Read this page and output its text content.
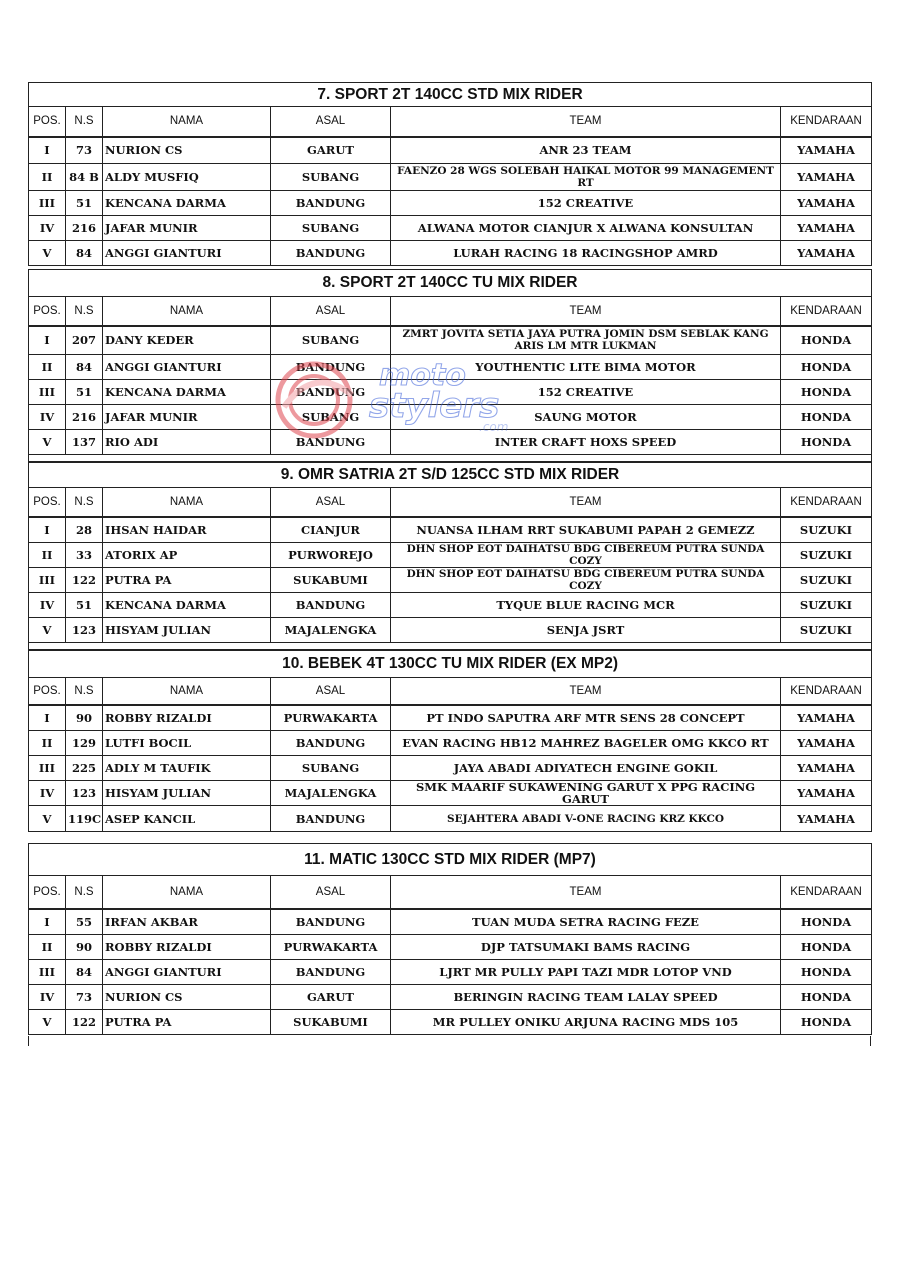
7. SPORT 2T 140CC STD MIX RIDER					
POS.	N.S	NAMA	ASAL	TEAM	KENDARAAN
I	73	NURION CS	GARUT	ANR 23 TEAM	YAMAHA
II	84 B	ALDY MUSFIQ	SUBANG	FAENZO 28 WGS SOLEBAH HAIKAL MOTOR 99 MANAGEMENT RT	YAMAHA
III	51	KENCANA DARMA	BANDUNG	152 CREATIVE	YAMAHA
IV	216	JAFAR MUNIR	SUBANG	ALWANA MOTOR CIANJUR X ALWANA KONSULTAN	YAMAHA
V	84	ANGGI GIANTURI	BANDUNG	LURAH RACING 18 RACINGSHOP AMRD	YAMAHA
8. SPORT 2T 140CC TU MIX RIDER					
POS.	N.S	NAMA	ASAL	TEAM	KENDARAAN
I	207	DANY KEDER	SUBANG	ZMRT JOVITA SETIA JAYA PUTRA JOMIN DSM SEBLAK KANG ARIS LM MTR LUKMAN	HONDA
II	84	ANGGI GIANTURI	BANDUNG	YOUTHENTIC LITE BIMA MOTOR	HONDA
III	51	KENCANA DARMA	BANDUNG	152 CREATIVE	HONDA
IV	216	JAFAR MUNIR	SUBANG	SAUNG MOTOR	HONDA
V	137	RIO ADI	BANDUNG	INTER CRAFT HOXS SPEED	HONDA

9. OMR SATRIA 2T S/D 125CC STD MIX RIDER					
POS.	N.S	NAMA	ASAL	TEAM	KENDARAAN
I	28	IHSAN HAIDAR	CIANJUR	NUANSA ILHAM RRT SUKABUMI PAPAH 2 GEMEZZ	SUZUKI
II	33	ATORIX AP	PURWOREJO	DHN SHOP EOT DAIHATSU BDG CIBEREUM PUTRA SUNDA COZY	SUZUKI
III	122	PUTRA PA	SUKABUMI	DHN SHOP EOT DAIHATSU BDG CIBEREUM PUTRA SUNDA COZY	SUZUKI
IV	51	KENCANA DARMA	BANDUNG	TYQUE BLUE RACING MCR	SUZUKI
V	123	HISYAM JULIAN	MAJALENGKA	SENJA JSRT	SUZUKI

10. BEBEK 4T 130CC TU MIX RIDER (EX MP2)					
POS.	N.S	NAMA	ASAL	TEAM	KENDARAAN
I	90	ROBBY RIZALDI	PURWAKARTA	PT INDO SAPUTRA ARF MTR SENS 28 CONCEPT	YAMAHA
II	129	LUTFI BOCIL	BANDUNG	EVAN RACING HB12 MAHREZ BAGELER OMG KKCO RT	YAMAHA
III	225	ADLY M TAUFIK	SUBANG	JAYA ABADI ADIYATECH ENGINE GOKIL	YAMAHA
IV	123	HISYAM JULIAN	MAJALENGKA	SMK MAARIF SUKAWENING GARUT X PPG RACING GARUT	YAMAHA
V	119C	ASEP KANCIL	BANDUNG	SEJAHTERA ABADI V-ONE RACING KRZ KKCO	YAMAHA
11. MATIC 130CC STD MIX RIDER (MP7)					
POS.	N.S	NAMA	ASAL	TEAM	KENDARAAN
I	55	IRFAN AKBAR	BANDUNG	TUAN MUDA SETRA RACING FEZE	HONDA
II	90	ROBBY RIZALDI	PURWAKARTA	DJP TATSUMAKI BAMS RACING	HONDA
III	84	ANGGI GIANTURI	BANDUNG	LJRT MR PULLY PAPI TAZI MDR LOTOP VND	HONDA
IV	73	NURION CS	GARUT	BERINGIN RACING TEAM LALAY SPEED	HONDA
V	122	PUTRA PA	SUKABUMI	MR PULLEY ONIKU ARJUNA RACING MDS 105	HONDA
moto
stylers
.com
